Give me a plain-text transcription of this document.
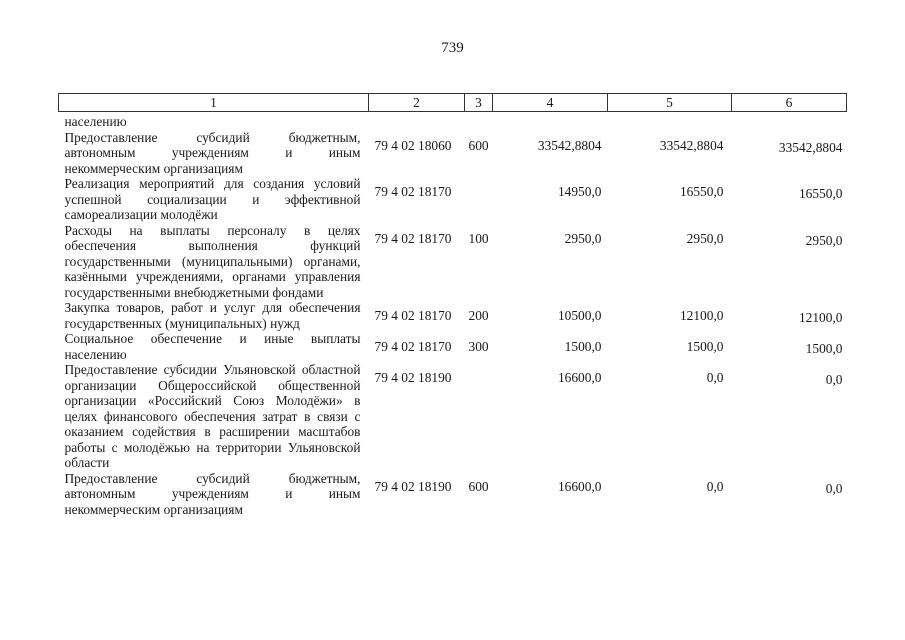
739
1	2	3	4	5	6
населению					
Предоставление субсидий бюджетным, автономным учреждениям и иным некоммерческим организациям	79 4 02 18060	600	33542,8804	33542,8804	33542,8804
Реализация мероприятий для создания условий успешной социализации и эффективной самореализации молодёжи	79 4 02 18170		14950,0	16550,0	16550,0
Расходы на выплаты персоналу в целях обеспечения выполнения функций государственными (муниципальными) органами, казёнными учреждениями, органами управления государственными внебюджетными фондами	79 4 02 18170	100	2950,0	2950,0	2950,0
Закупка товаров, работ и услуг для обеспечения государственных (муниципальных) нужд	79 4 02 18170	200	10500,0	12100,0	12100,0
Социальное обеспечение и иные выплаты населению	79 4 02 18170	300	1500,0	1500,0	1500,0
Предоставление субсидии Ульяновской областной организации Общероссийской общественной организации «Российский Союз Молодёжи» в целях финансового обеспечения затрат в связи с оказанием содействия в расширении масштабов работы с молодёжью на территории Ульяновской области	79 4 02 18190		16600,0	0,0	0,0
Предоставление субсидий бюджетным, автономным учреждениям и иным некоммерческим организациям	79 4 02 18190	600	16600,0	0,0	0,0
